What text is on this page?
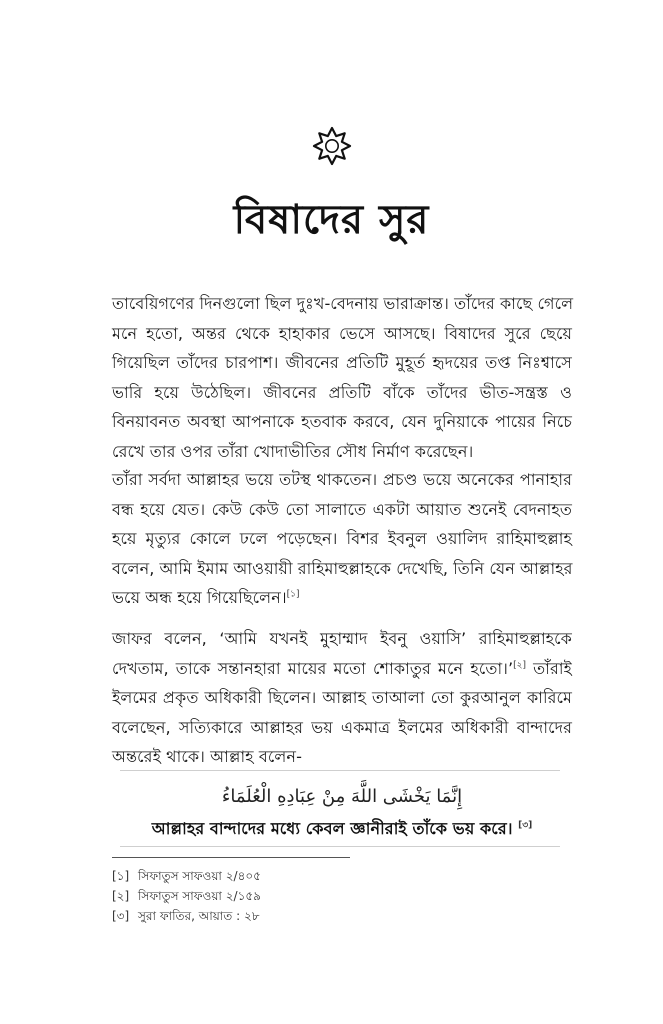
বিষাদের সুর
তাবেয়িগণের দিনগুলো ছিল দুঃখ-বেদনায় ভারাক্রান্ত। তাঁদের কাছে গেলে
মনে হতো, অন্তর থেকে হাহাকার ভেসে আসছে। বিষাদের সুরে ছেয়ে
গিয়েছিল তাঁদের চারপাশ। জীবনের প্রতিটি মুহূর্ত হৃদয়ের তপ্ত নিঃশ্বাসে
ভারি হয়ে উঠেছিল। জীবনের প্রতিটি বাঁকে তাঁদের ভীত-সন্ত্রস্ত ও
বিনয়াবনত অবস্থা আপনাকে হতবাক করবে, যেন দুনিয়াকে পায়ের নিচে
রেখে তার ওপর তাঁরা খোদাভীতির সৌধ নির্মাণ করেছেন।
তাঁরা সর্বদা আল্লাহর ভয়ে তটস্থ থাকতেন। প্রচণ্ড ভয়ে অনেকের পানাহার
বন্ধ হয়ে যেত। কেউ কেউ তো সালাতে একটা আয়াত শুনেই বেদনাহত
হয়ে মৃত্যুর কোলে ঢলে পড়েছেন। বিশর ইবনুল ওয়ালিদ রাহিমাহুল্লাহ
বলেন, আমি ইমাম আওয়ায়ী রাহিমাহুল্লাহকে দেখেছি, তিনি যেন আল্লাহর
ভয়ে অন্ধ হয়ে গিয়েছিলেন।[১]
জাফর বলেন, ‘আমি যখনই মুহাম্মাদ ইবনু ওয়াসি’ রাহিমাহুল্লাহকে
দেখতাম, তাকে সন্তানহারা মায়ের মতো শোকাতুর মনে হতো।’[২] তাঁরাই
ইলমের প্রকৃত অধিকারী ছিলেন। আল্লাহ তাআলা তো কুরআনুল কারিমে
বলেছেন, সত্যিকারে আল্লাহর ভয় একমাত্র ইলমের অধিকারী বান্দাদের
অন্তরেই থাকে। আল্লাহ বলেন-
إِنَّمَا يَخْشَى اللَّهَ مِنْ عِبَادِهِ الْعُلَمَاءُ
আল্লাহর বান্দাদের মধ্যে কেবল জ্ঞানীরাই তাঁকে ভয় করে। [৩]
[১] সিফাতুস সাফওয়া ২/৪০৫
[২] সিফাতুস সাফওয়া ২/১৫৯
[৩] সুরা ফাতির, আয়াত : ২৮
